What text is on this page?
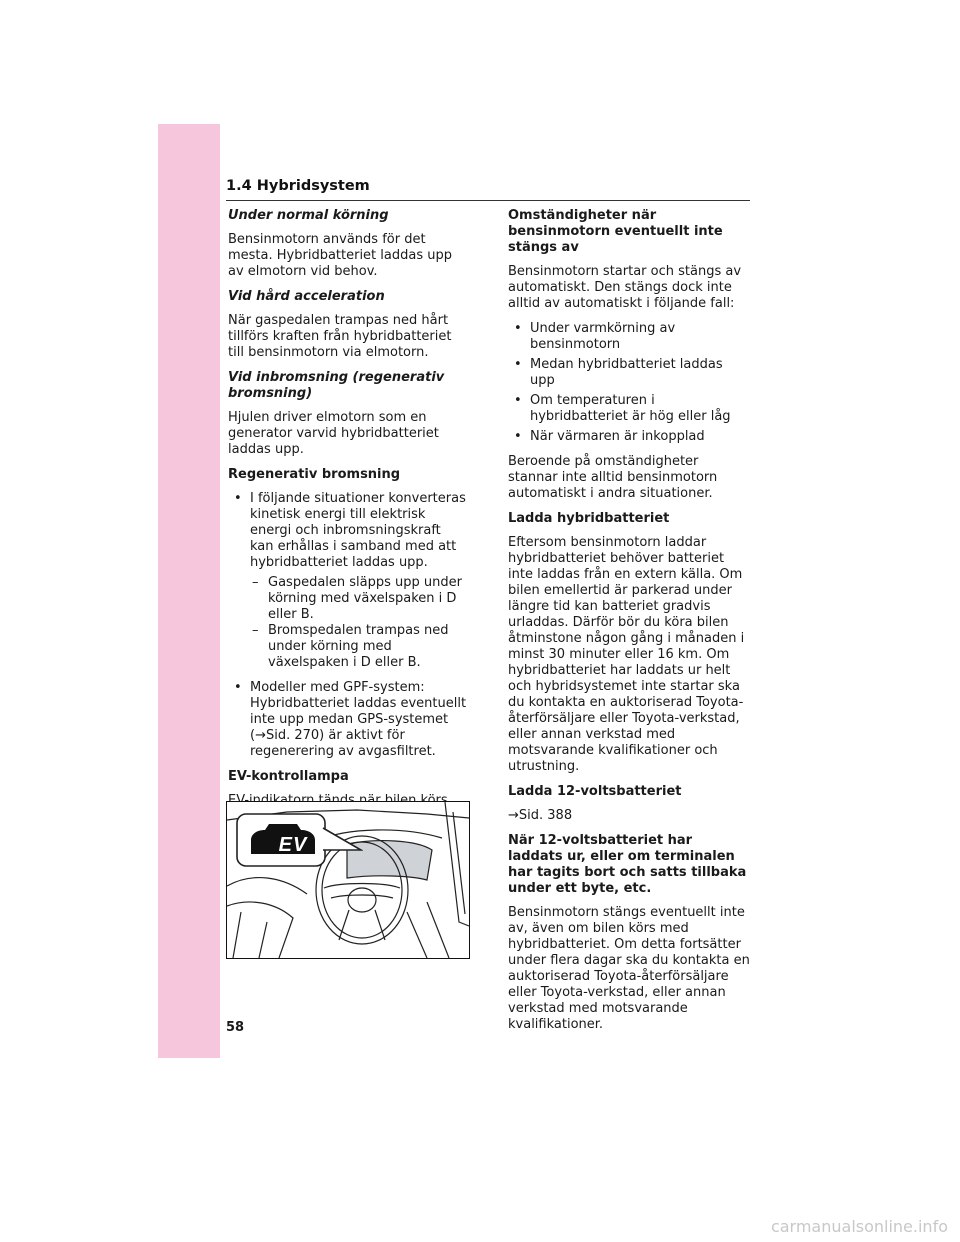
1.4 Hybridsystem
Under normal körning

Bensinmotorn används för det mesta. Hybridbatteriet laddas upp av elmotorn vid behov.

Vid hård acceleration

När gaspedalen trampas ned hårt tillförs kraften från hybridbatteriet till bensinmotorn via elmotorn.

Vid inbromsning (regenerativ bromsning)

Hjulen driver elmotorn som en generator varvid hybridbatteriet laddas upp.

Regenerativ bromsning
• I följande situationer konverteras kinetisk energi till elektrisk energi och inbromsningskraft kan erhållas i samband med att hybridbatteriet laddas upp.
– Gaspedalen släpps upp under körning med växelspaken i D eller B.
– Bromspedalen trampas ned under körning med växelspaken i D eller B.
• Modeller med GPF-system: Hybridbatteriet laddas eventuellt inte upp medan GPS-systemet (→Sid. 270) är aktivt för regenerering av avgasfiltret.
EV-kontrollampa

EV
Omständigheter när bensinmotorn eventuellt inte stängs av

Bensinmotorn startar och stängs av automatiskt. Den stängs dock inte alltid av automatiskt i följande fall:

• Under varmkörning av bensinmotorn
• Medan hybridbatteriet laddas upp
• Om temperaturen i hybridbatteriet är hög eller låg
• När värmaren är inkopplad

Beroende på omständigheter stannar inte alltid bensinmotorn automatiskt i andra situationer.

Ladda hybridbatteriet

Eftersom bensinmotorn laddar hybridbatteriet behöver batteriet inte laddas från en extern källa. Om bilen emellertid är parkerad under längre tid kan batteriet gradvis urladdas. Därför bör du köra bilen åtminstone någon gång i månaden i minst 30 minuter eller 16 km. Om hybridbatteriet har laddats ur helt och hybridsystemet inte startar ska du kontakta en auktoriserad Toyota-återförsäljare eller Toyota-verkstad, eller annan verkstad med motsvarande kvalifikationer och utrustning.

Ladda 12-voltsbatteriet

→Sid. 388

När 12-voltsbatteriet har laddats ur, eller om terminalen har tagits bort och satts tillbaka under ett byte, etc.

Bensinmotorn stängs eventuellt inte av, även om bilen körs med hybridbatteriet. Om detta fortsätter under flera dagar ska du kontakta en auktoriserad Toyota-återförsäljare eller Toyota-verkstad, eller annan verkstad med motsvarande kvalifikationer.

58
carmanualsonline.info
